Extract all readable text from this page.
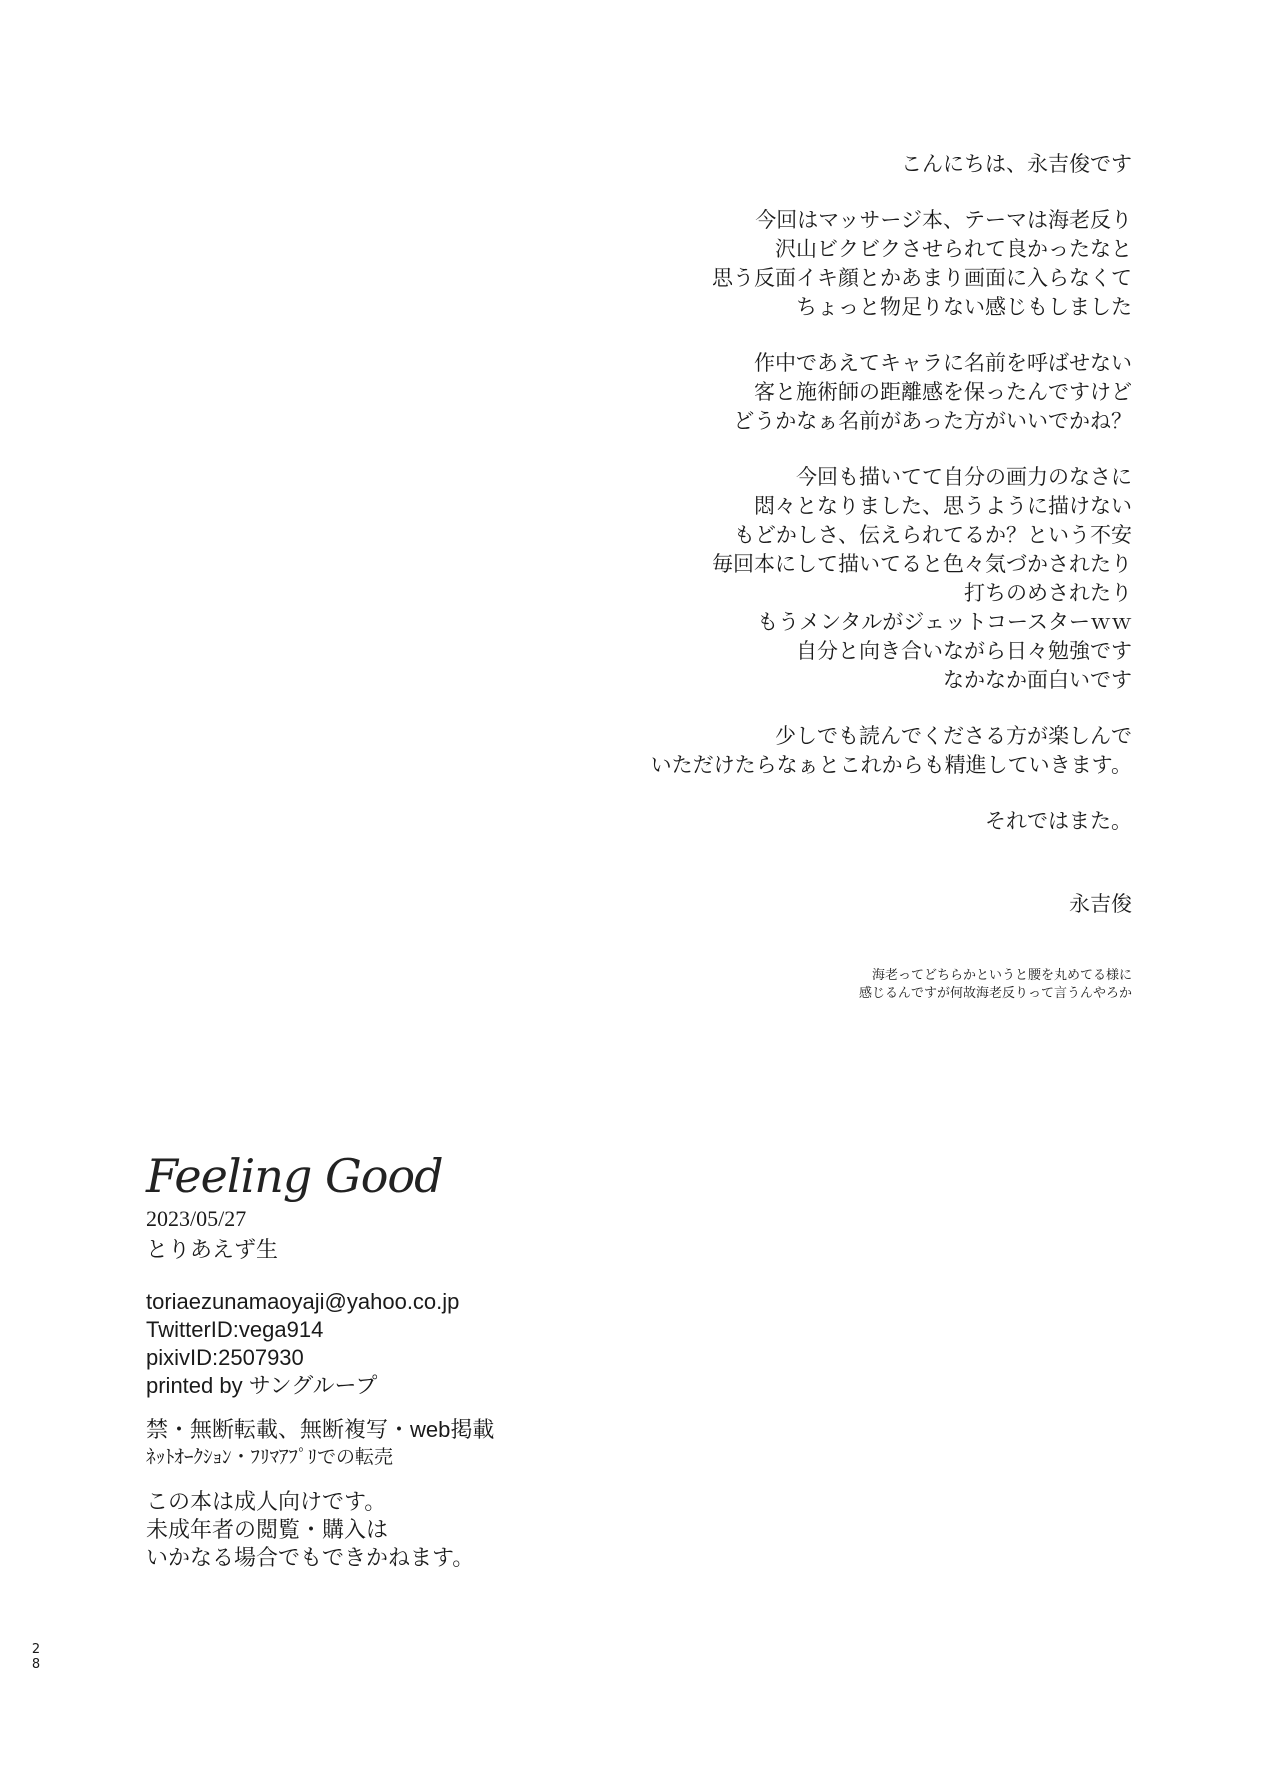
こんにちは、永吉俊です
今回はマッサージ本、テーマは海老反り
沢山ビクビクさせられて良かったなと
思う反面イキ顔とかあまり画面に入らなくて
ちょっと物足りない感じもしました
作中であえてキャラに名前を呼ばせない
客と施術師の距離感を保ったんですけど
どうかなぁ名前があった方がいいでかね？
今回も描いてて自分の画力のなさに
悶々となりました、思うように描けない
もどかしさ、伝えられてるか？という不安
毎回本にして描いてると色々気づかされたり
打ちのめされたり
もうメンタルがジェットコースターｗｗ
自分と向き合いながら日々勉強です
なかなか面白いです
少しでも読んでくださる方が楽しんで
いただけたらなぁとこれからも精進していきます。
それではまた。
永吉俊
海老ってどちらかというと腰を丸めてる様に
感じるんですが何故海老反りって言うんやろか

Feeling Good

2023/05/27

とりあえず生

toriaezunamaoyaji@yahoo.co.jp
TwitterID:vega914
pixivID:2507930
printed by サングループ
禁・無断転載、無断複写・web掲載
ﾈｯﾄｵｰｸｼｮﾝ・ﾌﾘﾏｱﾌﾟﾘでの転売
この本は成人向けです。
未成年者の閲覧・購入は
いかなる場合でもできかねます。
2
8
